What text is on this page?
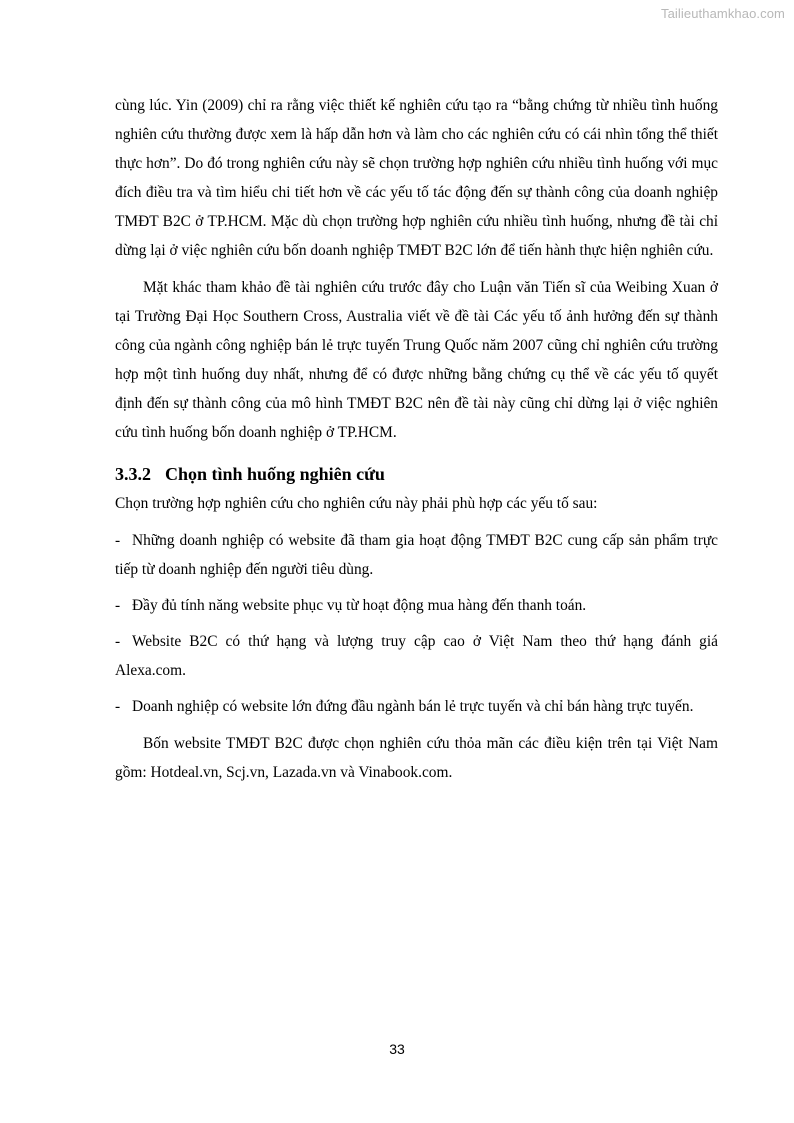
Tailieuthamkhao.com

cùng lúc. Yin (2009) chỉ ra rằng việc thiết kế nghiên cứu tạo ra “bằng chứng từ nhiều tình huống nghiên cứu thường được xem là hấp dẫn hơn và làm cho các nghiên cứu có cái nhìn tổng thể thiết thực hơn”. Do đó trong nghiên cứu này sẽ chọn trường hợp nghiên cứu nhiều tình huống với mục đích điều tra và tìm hiểu chi tiết hơn về các yếu tố tác động đến sự thành công của doanh nghiệp TMĐT B2C ở TP.HCM. Mặc dù chọn trường hợp nghiên cứu nhiều tình huống, nhưng đề tài chỉ dừng lại ở việc nghiên cứu bốn doanh nghiệp TMĐT B2C lớn để tiến hành thực hiện nghiên cứu.

Mặt khác tham khảo đề tài nghiên cứu trước đây cho Luận văn Tiến sĩ của Weibing Xuan ở tại Trường Đại Học Southern Cross, Australia viết về đề tài Các yếu tố ảnh hưởng đến sự thành công của ngành công nghiệp bán lẻ trực tuyến Trung Quốc năm 2007 cũng chỉ nghiên cứu trường hợp một tình huống duy nhất, nhưng để có được những bằng chứng cụ thể về các yếu tố quyết định đến sự thành công của mô hình TMĐT B2C nên đề tài này cũng chỉ dừng lại ở việc nghiên cứu tình huống bốn doanh nghiệp ở TP.HCM.

3.3.2 Chọn tình huống nghiên cứu

Chọn trường hợp nghiên cứu cho nghiên cứu này phải phù hợp các yếu tố sau:

- Những doanh nghiệp có website đã tham gia hoạt động TMĐT B2C cung cấp sản phẩm trực tiếp từ doanh nghiệp đến người tiêu dùng.

- Đầy đủ tính năng website phục vụ từ hoạt động mua hàng đến thanh toán.

- Website B2C có thứ hạng và lượng truy cập cao ở Việt Nam theo thứ hạng đánh giá Alexa.com.

- Doanh nghiệp có website lớn đứng đầu ngành bán lẻ trực tuyến và chỉ bán hàng trực tuyến.

Bốn website TMĐT B2C được chọn nghiên cứu thỏa mãn các điều kiện trên tại Việt Nam gồm: Hotdeal.vn, Scj.vn, Lazada.vn và Vinabook.com.

33
